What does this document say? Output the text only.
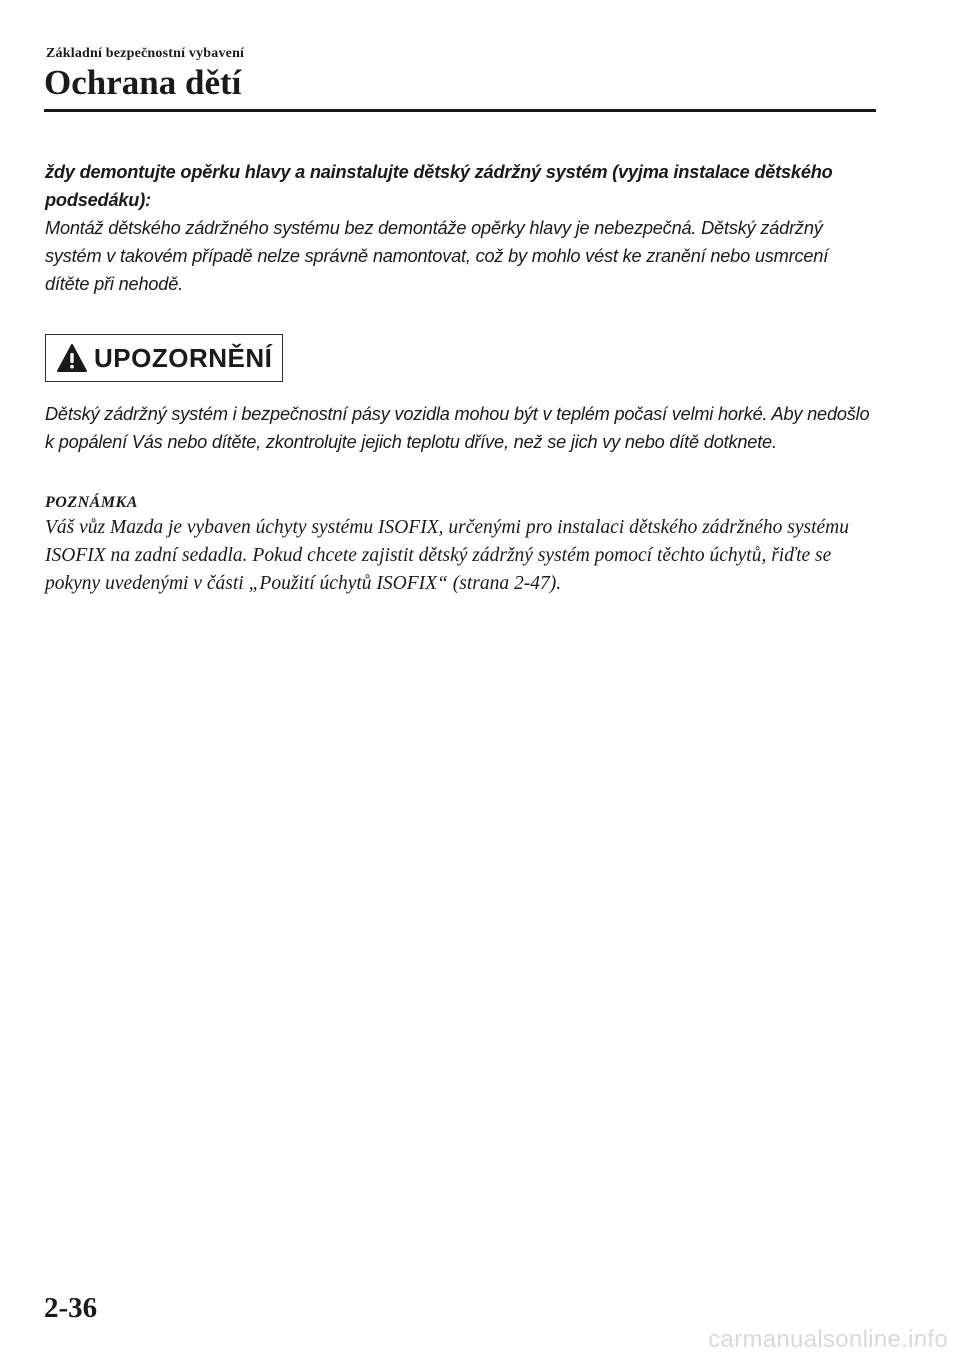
Základní bezpečnostní vybavení
Ochrana dětí

ždy demontujte opěrku hlavy a nainstalujte dětský zádržný systém (vyjma instalace dětského podsedáku):

Montáž dětského zádržného systému bez demontáže opěrky hlavy je nebezpečná. Dětský zádržný systém v takovém případě nelze správně namontovat, což by mohlo vést ke zranění nebo usmrcení dítěte při nehodě.

UPOZORNĚNÍ

Dětský zádržný systém i bezpečnostní pásy vozidla mohou být v teplém počasí velmi horké. Aby nedošlo k popálení Vás nebo dítěte, zkontrolujte jejich teplotu dříve, než se jich vy nebo dítě dotknete.

POZNÁMKA

Váš vůz Mazda je vybaven úchyty systému ISOFIX, určenými pro instalaci dětského zádržného systému ISOFIX na zadní sedadla. Pokud chcete zajistit dětský zádržný systém pomocí těchto úchytů, řiďte se pokyny uvedenými v části „Použití úchytů ISOFIX“ (strana 2-47).

2-36
carmanualsonline.info
